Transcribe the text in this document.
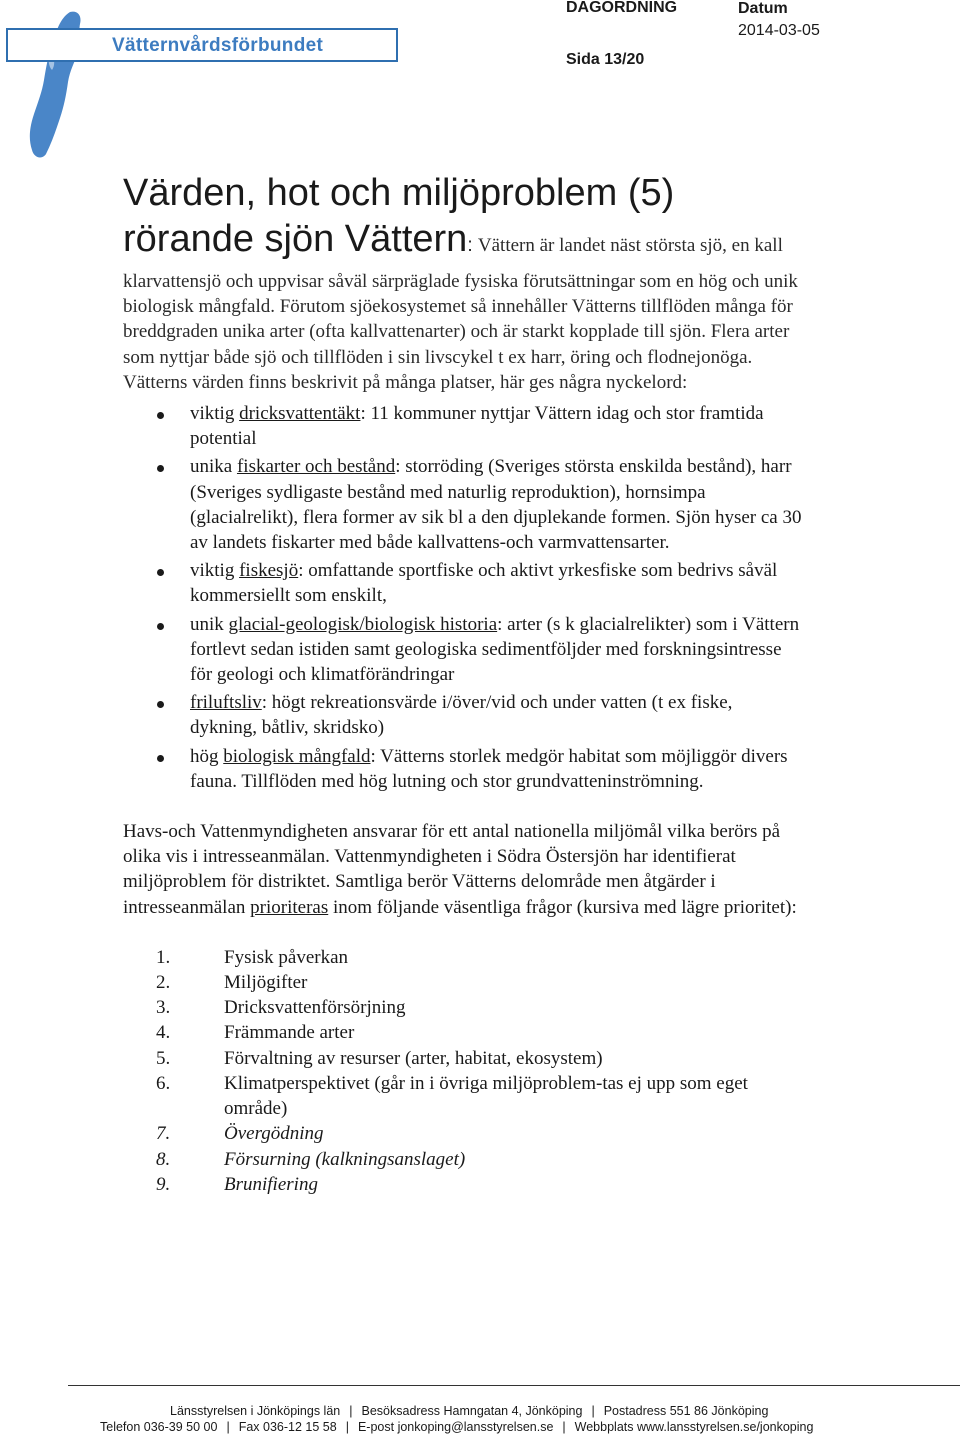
Vätternvårdsförbundet
DAGORDNING	Datum
2014-03-05
Sida 13/20
Värden, hot och miljöproblem (5)
rörande sjön Vättern: Vättern är landet näst största sjö, en kall klarvattensjö och uppvisar såväl särpräglade fysiska förutsättningar som en hög och unik biologisk mångfald. Förutom sjöekosystemet så innehåller Vätterns tillflöden många för breddgraden unika arter (ofta kallvattenarter) och är starkt kopplade till sjön. Flera arter som nyttjar både sjö och tillflöden i sin livscykel t ex harr, öring och flodnejonöga. Vätterns värden finns beskrivit på många platser, här ges några nyckelord:
viktig dricksvattentäkt: 11 kommuner nyttjar Vättern idag och stor framtida potential
unika fiskarter och bestånd: storröding (Sveriges största enskilda bestånd), harr (Sveriges sydligaste bestånd med naturlig reproduktion), hornsimpa (glacialrelikt), flera former av sik bl a den djuplekande formen. Sjön hyser ca 30 av landets fiskarter med både kallvattens-och varmvattensarter.
viktig fiskesjö: omfattande sportfiske och aktivt yrkesfiske som bedrivs såväl kommersiellt som enskilt,
unik glacial-geologisk/biologisk historia: arter (s k glacialrelikter) som i Vättern fortlevt sedan istiden samt geologiska sedimentföljder med forskningsintresse för geologi och klimatförändringar
friluftsliv: högt rekreationsvärde i/över/vid och under vatten (t ex fiske, dykning, båtliv, skridsko)
hög biologisk mångfald: Vätterns storlek medgör habitat som möjliggör divers fauna. Tillflöden med hög lutning och stor grundvatteninströmning.

Havs-och Vattenmyndigheten ansvarar för ett antal nationella miljömål vilka berörs på olika vis i intresseanmälan. Vattenmyndigheten i Södra Östersjön har identifierat miljöproblem för distriktet. Samtliga berör Vätterns delområde men åtgärder i intresseanmälan prioriteras inom följande väsentliga frågor (kursiva med lägre prioritet):

1.	Fysisk påverkan
2.	Miljögifter
3.	Dricksvattenförsörjning
4.	Främmande arter
5.	Förvaltning av resurser (arter, habitat, ekosystem)
6.	Klimatperspektivet (går in i övriga miljöproblem-tas ej upp som eget område)
7.	Övergödning
8.	Försurning (kalkningsanslaget)
9.	Brunifiering
Länsstyrelsen i Jönköpings län | Besöksadress Hamngatan 4, Jönköping | Postadress 551 86 Jönköping
Telefon 036-39 50 00 | Fax 036-12 15 58 | E-post jonkoping@lansstyrelsen.se | Webbplats www.lansstyrelsen.se/jonkoping
